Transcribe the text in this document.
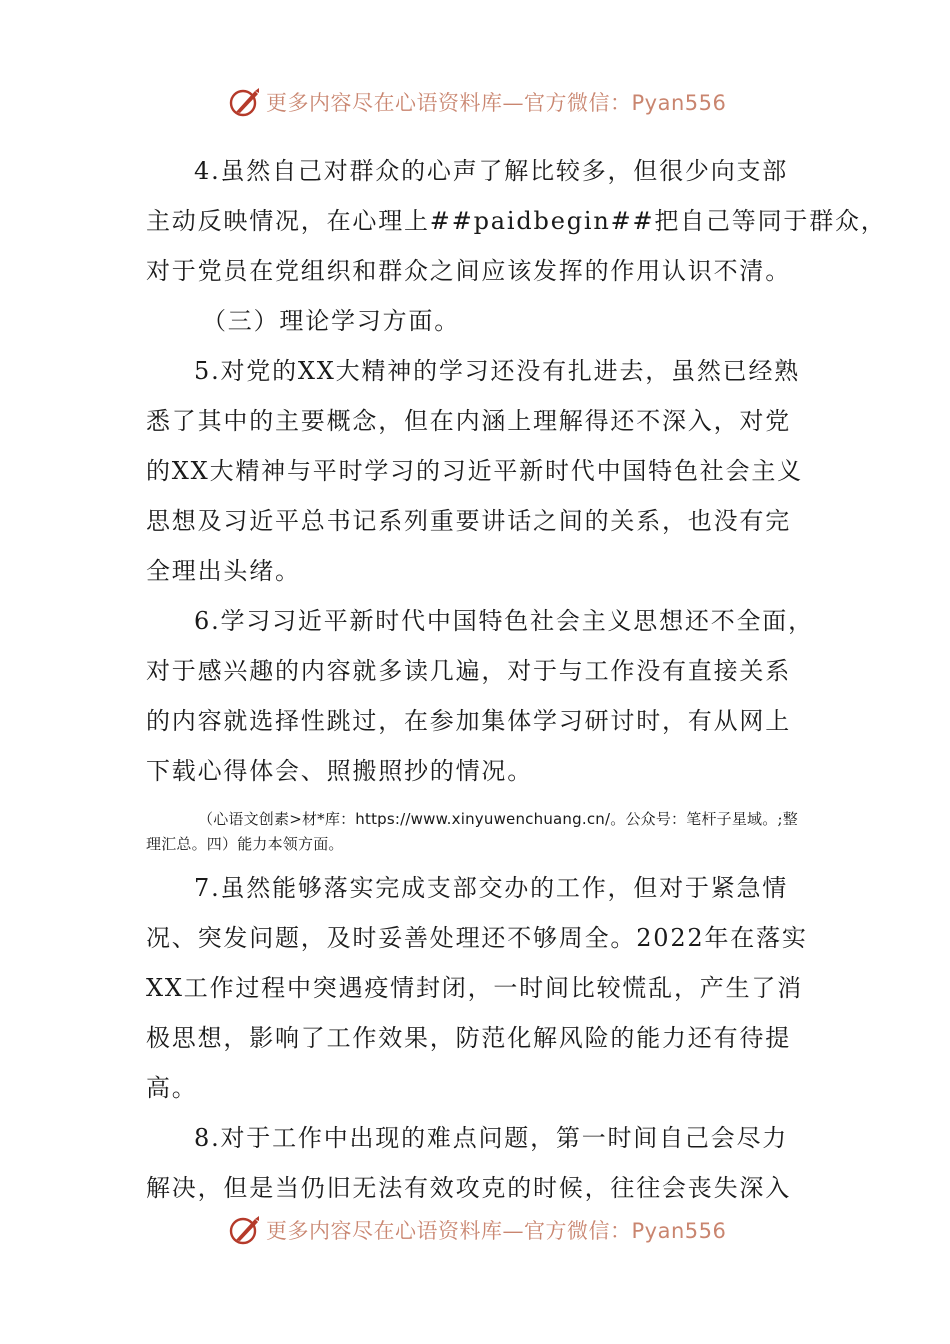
更多内容尽在心语资料库—官方微信：Pyan556
4.虽然自己对群众的心声了解比较多，但很少向支部
主动反映情况，在心理上##paidbegin##把自己等同于群众，
对于党员在党组织和群众之间应该发挥的作用认识不清。
（三）理论学习方面。
5.对党的XX大精神的学习还没有扎进去，虽然已经熟
悉了其中的主要概念，但在内涵上理解得还不深入，对党
的XX大精神与平时学习的习近平新时代中国特色社会主义
思想及习近平总书记系列重要讲话之间的关系，也没有完
全理出头绪。
6.学习习近平新时代中国特色社会主义思想还不全面，
对于感兴趣的内容就多读几遍，对于与工作没有直接关系
的内容就选择性跳过，在参加集体学习研讨时，有从网上
下载心得体会、照搬照抄的情况。
（心语文创素>材*库：https://www.xinyuwenchuang.cn/。公众号：笔杆子星域。;整
理汇总。四）能力本领方面。
7.虽然能够落实完成支部交办的工作，但对于紧急情
况、突发问题，及时妥善处理还不够周全。2022年在落实
XX工作过程中突遇疫情封闭，一时间比较慌乱，产生了消
极思想，影响了工作效果，防范化解风险的能力还有待提
高。
8.对于工作中出现的难点问题，第一时间自己会尽力
解决，但是当仍旧无法有效攻克的时候，往往会丧失深入
更多内容尽在心语资料库—官方微信：Pyan556
